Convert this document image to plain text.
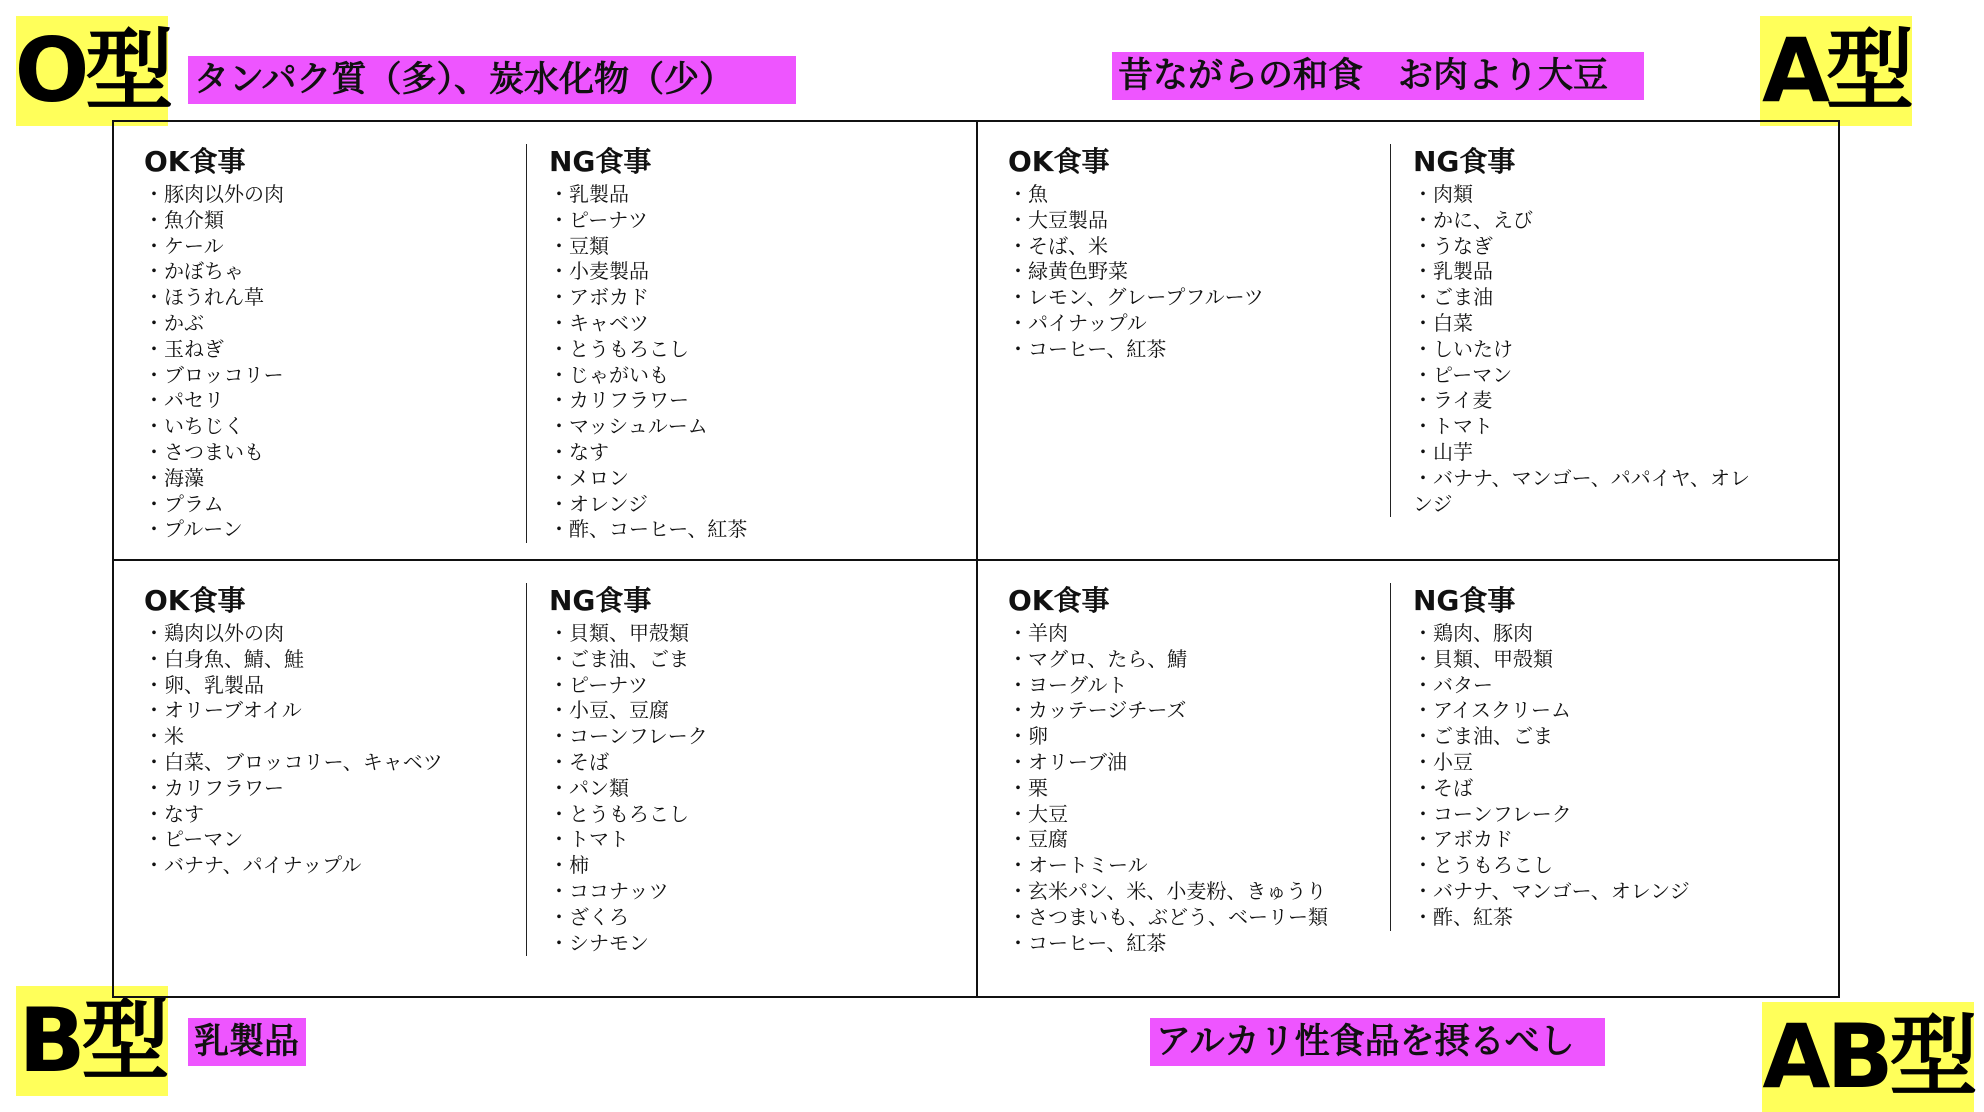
O型	A型
B型	AB型
タンパク質（多）、炭水化物（少）	昔ながらの和食　お肉より大豆
乳製品	アルカリ性食品を摂るべし
OK食事
・豚肉以外の肉
・魚介類
・ケール
・かぼちゃ
・ほうれん草
・かぶ
・玉ねぎ
・ブロッコリー
・パセリ
・いちじく
・さつまいも
・海藻
・プラム
・プルーン
NG食事
・乳製品
・ピーナツ
・豆類
・小麦製品
・アボカド
・キャベツ
・とうもろこし
・じゃがいも
・カリフラワー
・マッシュルーム
・なす
・メロン
・オレンジ
・酢、コーヒー、紅茶
OK食事
・魚
・大豆製品
・そば、米
・緑黄色野菜
・レモン、グレープフルーツ
・パイナップル
・コーヒー、紅茶
NG食事
・肉類
・かに、えび
・うなぎ
・乳製品
・ごま油
・白菜
・しいたけ
・ピーマン
・ライ麦
・トマト
・山芋
・バナナ、マンゴー、パパイヤ、オレンジ
OK食事
・鶏肉以外の肉
・白身魚、鯖、鮭
・卵、乳製品
・オリーブオイル
・米
・白菜、ブロッコリー、キャベツ
・カリフラワー
・なす
・ピーマン
・バナナ、パイナップル
NG食事
・貝類、甲殻類
・ごま油、ごま
・ピーナツ
・小豆、豆腐
・コーンフレーク
・そば
・パン類
・とうもろこし
・トマト
・柿
・ココナッツ
・ざくろ
・シナモン
OK食事
・羊肉
・マグロ、たら、鯖
・ヨーグルト
・カッテージチーズ
・卵
・オリーブ油
・栗
・大豆
・豆腐
・オートミール
・玄米パン、米、小麦粉、きゅうり
・さつまいも、ぶどう、ベーリー類
・コーヒー、紅茶
NG食事
・鶏肉、豚肉
・貝類、甲殻類
・バター
・アイスクリーム
・ごま油、ごま
・小豆
・そば
・コーンフレーク
・アボカド
・とうもろこし
・バナナ、マンゴー、オレンジ
・酢、紅茶
